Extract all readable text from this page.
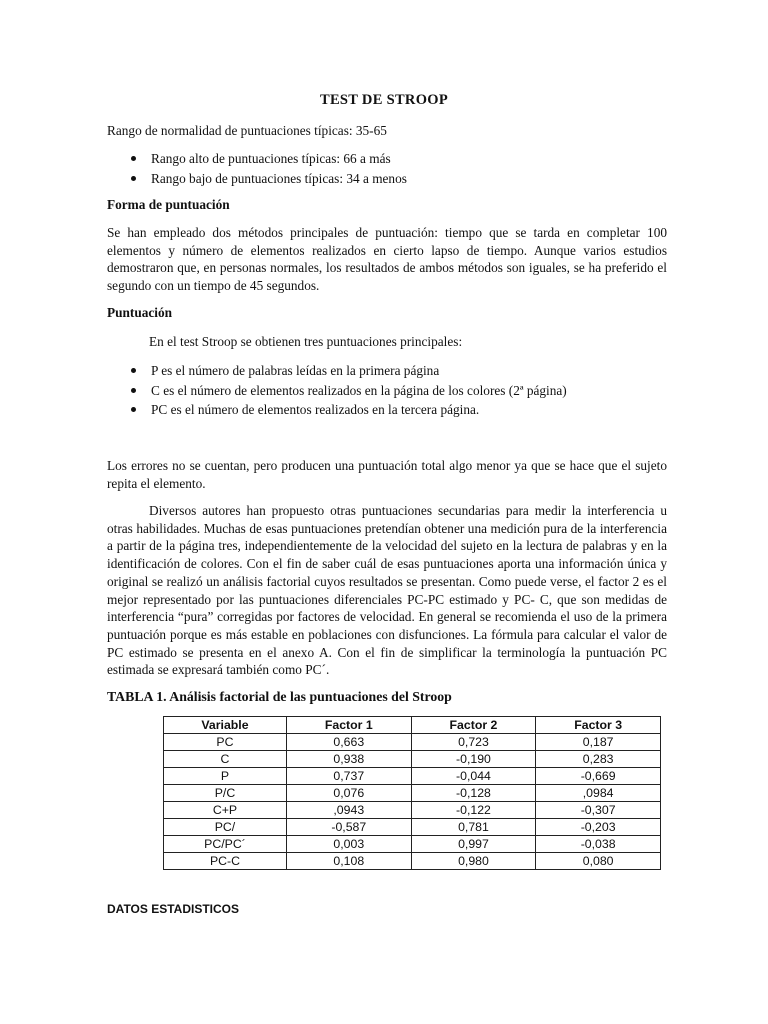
TEST DE STROOP
Rango de normalidad de puntuaciones típicas: 35-65
Rango alto de puntuaciones típicas: 66 a más
Rango bajo de puntuaciones típicas: 34 a menos
Forma de puntuación
Se han empleado dos métodos principales de puntuación: tiempo que se tarda en completar 100 elementos y número de elementos realizados en cierto lapso de tiempo. Aunque varios estudios demostraron que, en personas normales, los resultados de ambos métodos son iguales, se ha preferido el segundo con un tiempo de 45 segundos.
Puntuación
En el test Stroop se obtienen tres puntuaciones principales:
P es el número de palabras leídas en la primera página
C es el número de elementos realizados en la página de los colores (2ª página)
PC es el número de elementos realizados en la tercera página.
Los errores no se cuentan, pero producen una puntuación total algo menor ya que se hace que el sujeto repita el elemento.
Diversos autores han propuesto otras puntuaciones secundarias para medir la interferencia u otras habilidades. Muchas de esas puntuaciones pretendían obtener una medición pura de la interferencia a partir de la página tres, independientemente de la velocidad del sujeto en la lectura de palabras y en la identificación de colores. Con el fin de saber cuál de esas puntuaciones aporta una información única y original se realizó un análisis factorial cuyos resultados se presentan. Como puede verse, el factor 2 es el mejor representado por las puntuaciones diferenciales PC-PC estimado y PC- C, que son medidas de interferencia “pura” corregidas por factores de velocidad. En general se recomienda el uso de la primera puntuación porque es más estable en poblaciones con disfunciones. La fórmula para calcular el valor de PC estimado se presenta en el anexo A. Con el fin de simplificar la terminología la puntuación PC estimada se expresará también como PC´.
TABLA 1. Análisis factorial de las puntuaciones del Stroop
Variable	Factor 1	Factor 2	Factor 3
PC	0,663	0,723	0,187
C	0,938	-0,190	0,283
P	0,737	-0,044	-0,669
P/C	0,076	-0,128	,0984
C+P	,0943	-0,122	-0,307
PC/	-0,587	0,781	-0,203
PC/PC´	0,003	0,997	-0,038
PC-C	0,108	0,980	0,080
DATOS ESTADISTICOS
